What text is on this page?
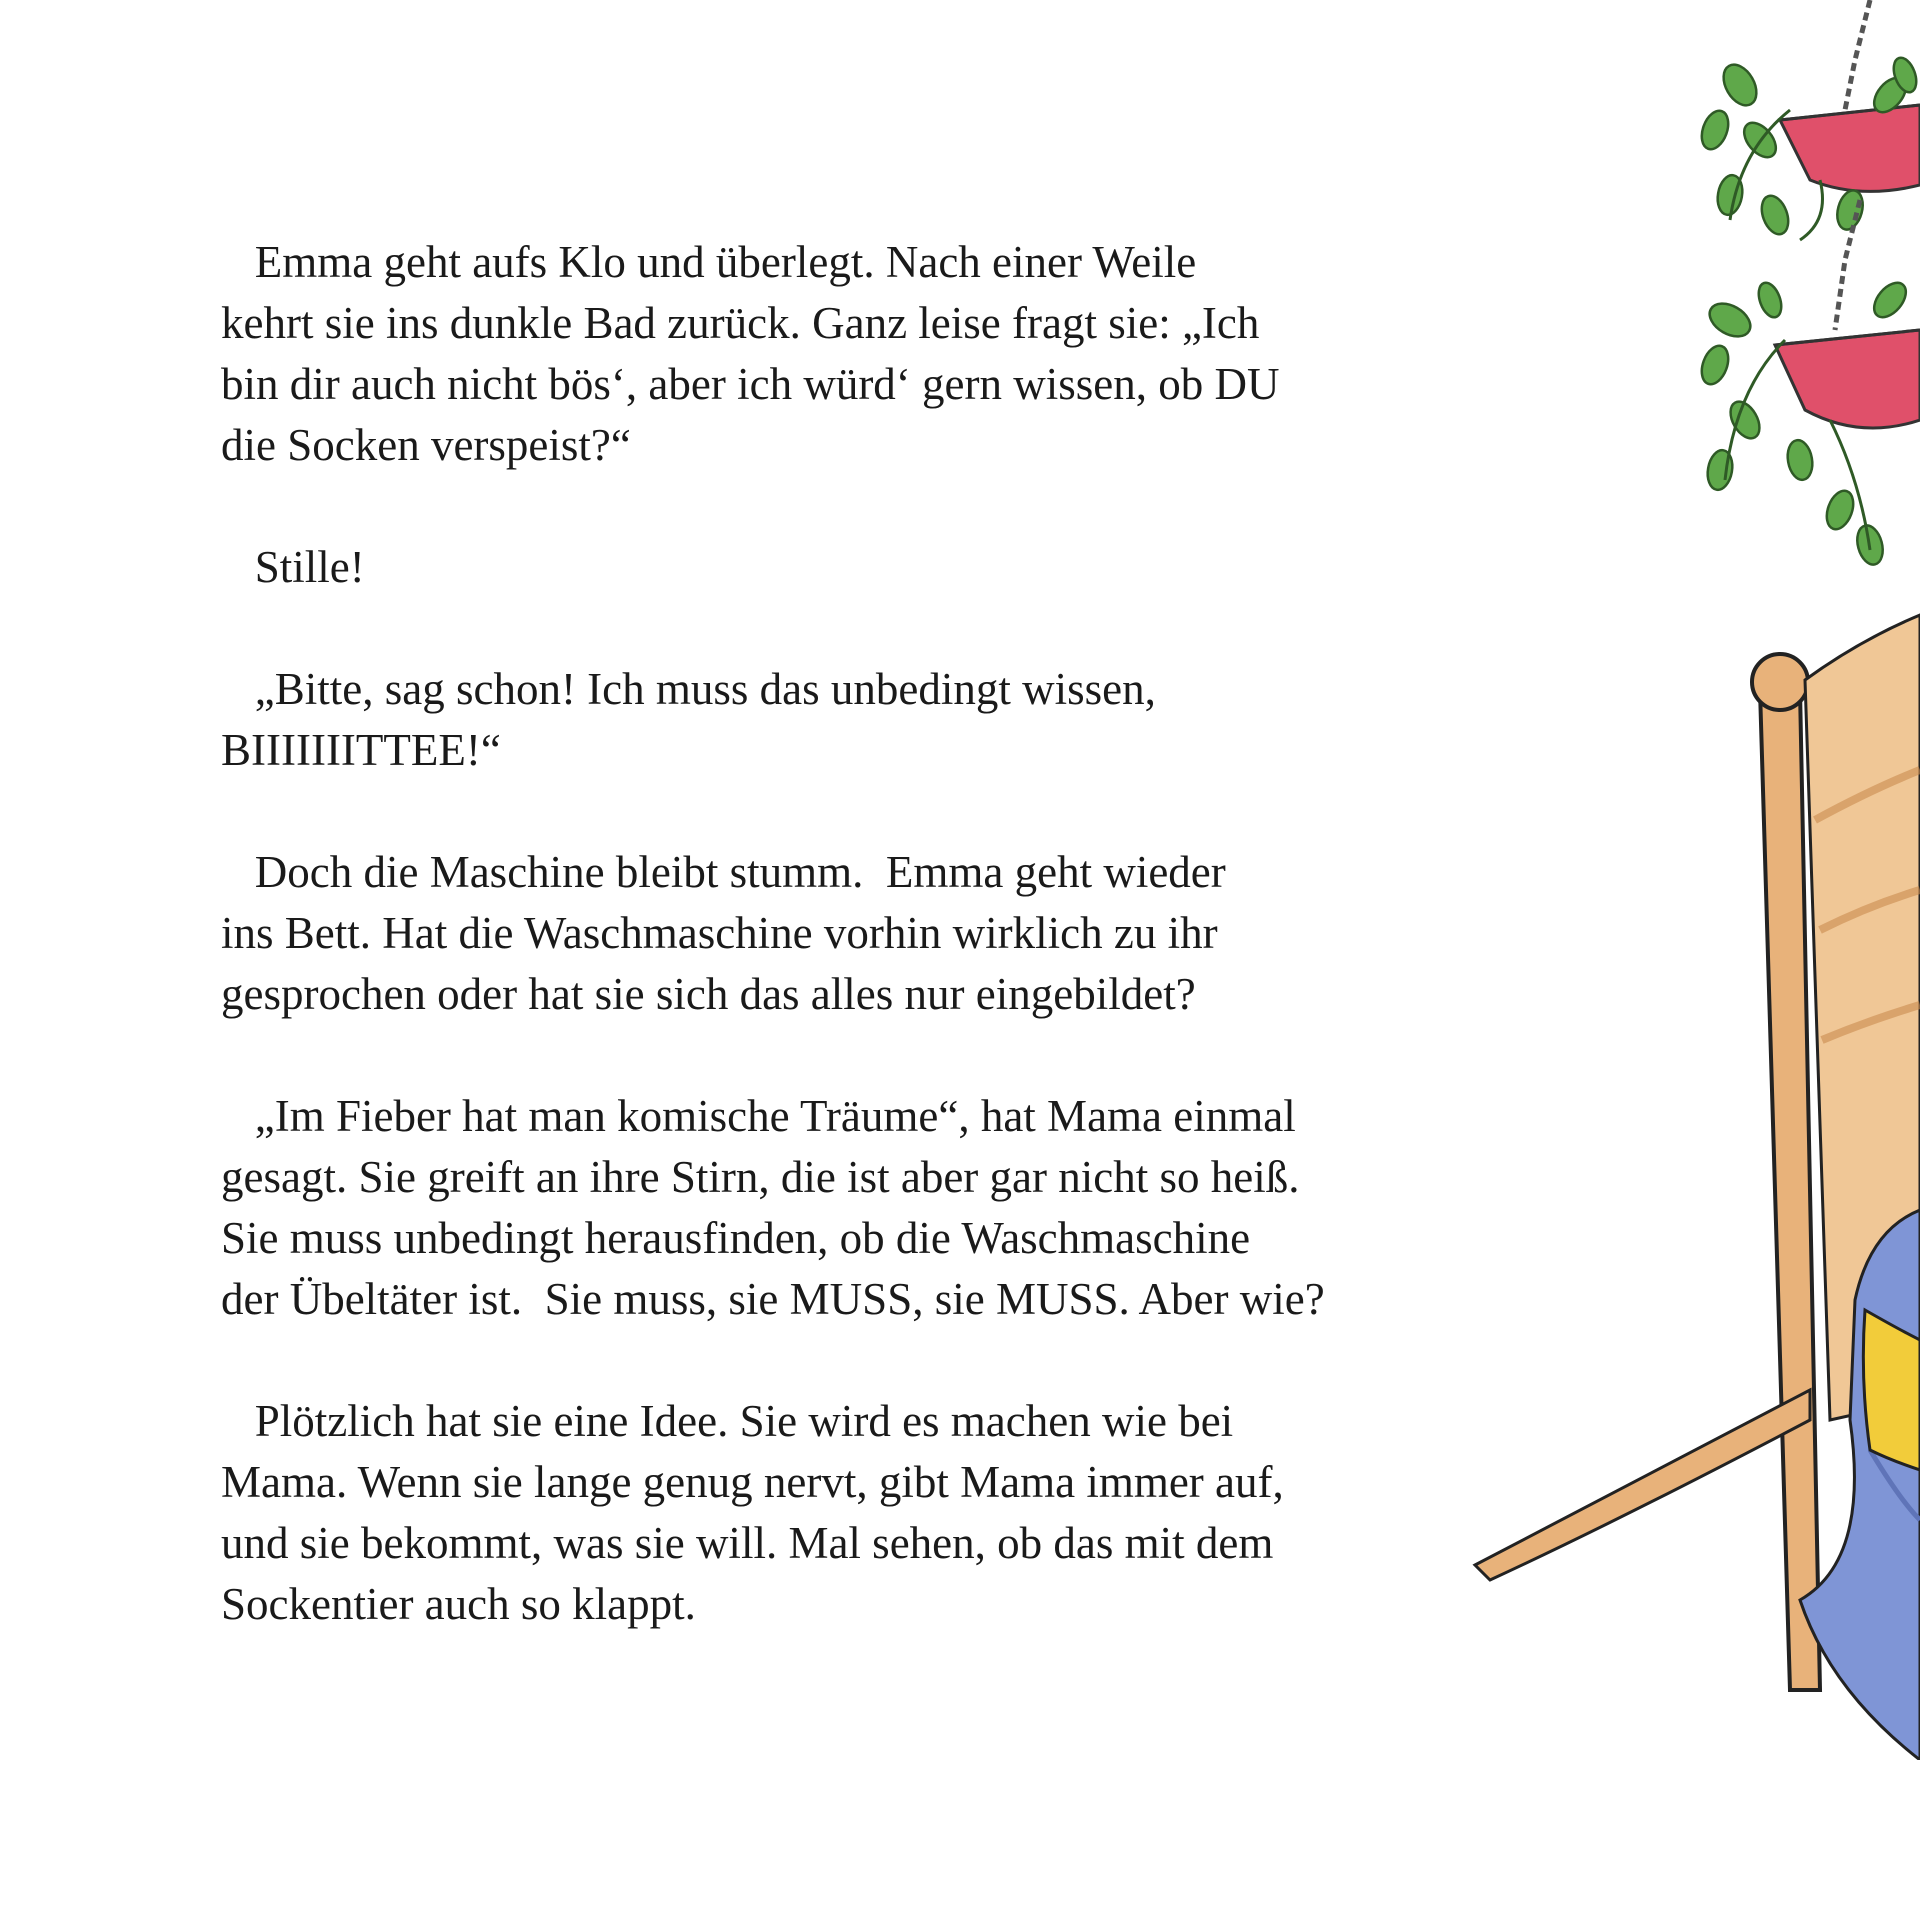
Emma geht aufs Klo und überlegt. Nach einer Weile
kehrt sie ins dunkle Bad zurück. Ganz leise fragt sie: „Ich
bin dir auch nicht bös‘, aber ich würd‘ gern wissen, ob DU
die Socken verspeist?“

Stille!

„Bitte, sag schon! Ich muss das unbedingt wissen,
BIIIIIIITTEE!“

Doch die Maschine bleibt stumm.  Emma geht wieder
ins Bett. Hat die Waschmaschine vorhin wirklich zu ihr
gesprochen oder hat sie sich das alles nur eingebildet?

„Im Fieber hat man komische Träume“, hat Mama einmal
gesagt. Sie greift an ihre Stirn, die ist aber gar nicht so heiß.
Sie muss unbedingt herausfinden, ob die Waschmaschine
der Übeltäter ist.  Sie muss, sie MUSS, sie MUSS. Aber wie?

Plötzlich hat sie eine Idee. Sie wird es machen wie bei
Mama. Wenn sie lange genug nervt, gibt Mama immer auf,
und sie bekommt, was sie will. Mal sehen, ob das mit dem
Sockentier auch so klappt.
